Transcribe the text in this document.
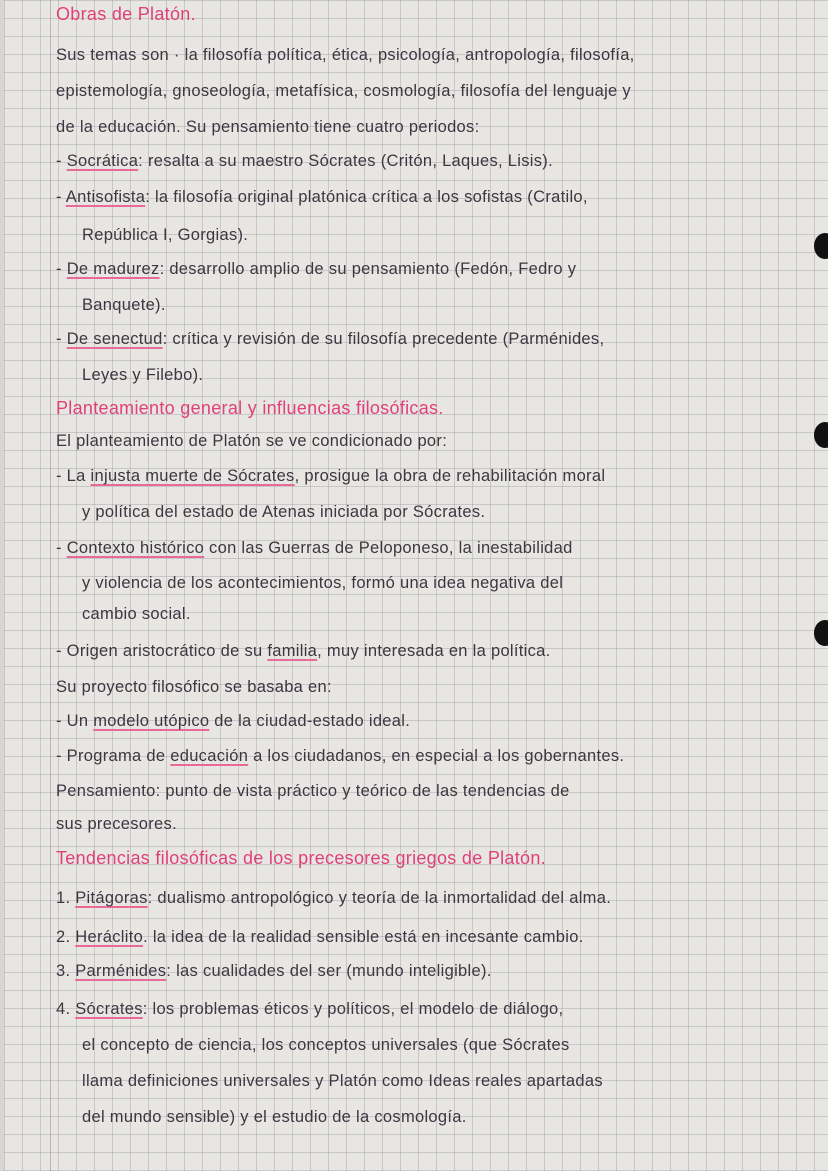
Obras de Platón.
Sus temas son · la filosofía política, ética, psicología, antropología, filosofía,
epistemología, gnoseología, metafísica, cosmología, filosofía del lenguaje y
de la educación. Su pensamiento tiene cuatro periodos:
- Socrática: resalta a su maestro Sócrates (Critón, Laques, Lisis).
- Antisofista: la filosofía original platónica crítica a los sofistas (Cratilo,
República I, Gorgias).
- De madurez: desarrollo amplio de su pensamiento (Fedón, Fedro y
Banquete).
- De senectud: crítica y revisión de su filosofía precedente (Parménides,
Leyes y Filebo).
Planteamiento general y influencias filosóficas.
El planteamiento de Platón se ve condicionado por:
- La injusta muerte de Sócrates, prosigue la obra de rehabilitación moral
y política del estado de Atenas iniciada por Sócrates.
- Contexto histórico con las Guerras de Peloponeso, la inestabilidad
y violencia de los acontecimientos, formó una idea negativa del
cambio social.
- Origen aristocrático de su familia, muy interesada en la política.
Su proyecto filosófico se basaba en:
- Un modelo utópico de la ciudad-estado ideal.
- Programa de educación a los ciudadanos, en especial a los gobernantes.
Pensamiento: punto de vista práctico y teórico de las tendencias de
sus precesores.
Tendencias filosóficas de los precesores griegos de Platón.
1. Pitágoras: dualismo antropológico y teoría de la inmortalidad del alma.
2. Heráclito. la idea de la realidad sensible está en incesante cambio.
3. Parménides: las cualidades del ser (mundo inteligible).
4. Sócrates: los problemas éticos y políticos, el modelo de diálogo,
el concepto de ciencia, los conceptos universales (que Sócrates
llama definiciones universales y Platón como Ideas reales apartadas
del mundo sensible) y el estudio de la cosmología.
